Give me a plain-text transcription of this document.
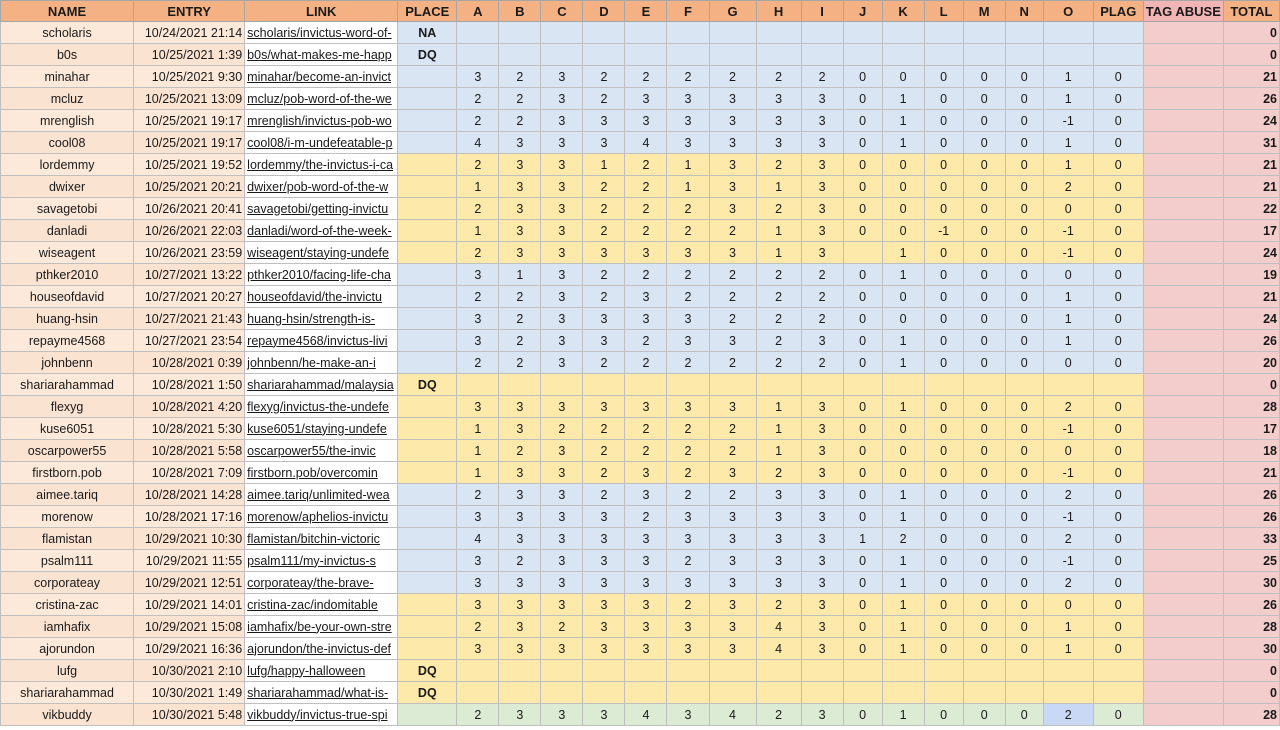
NAME	ENTRY	LINK	PLACE	A	B	C	D	E	F	G	H	I	J	K	L	M	N	O	PLAG	TAG ABUSE	TOTAL
scholaris	10/24/2021 21:14	scholaris/invictus-word-of-	NA																		0
b0s	10/25/2021 1:39	b0s/what-makes-me-happ	DQ																		0
minahar	10/25/2021 9:30	minahar/become-an-invict		3	2	3	2	2	2	2	2	2	0	0	0	0	0	1	0		21
mcluz	10/25/2021 13:09	mcluz/pob-word-of-the-we		2	2	3	2	3	3	3	3	3	0	1	0	0	0	1	0		26
mrenglish	10/25/2021 19:17	mrenglish/invictus-pob-wo		2	2	3	3	3	3	3	3	3	0	1	0	0	0	-1	0		24
cool08	10/25/2021 19:17	cool08/i-m-undefeatable-p		4	3	3	3	4	3	3	3	3	0	1	0	0	0	1	0		31
lordemmy	10/25/2021 19:52	lordemmy/the-invictus-i-ca		2	3	3	1	2	1	3	2	3	0	0	0	0	0	1	0		21
dwixer	10/25/2021 20:21	dwixer/pob-word-of-the-w		1	3	3	2	2	1	3	1	3	0	0	0	0	0	2	0		21
savagetobi	10/26/2021 20:41	savagetobi/getting-invictu		2	3	3	2	2	2	3	2	3	0	0	0	0	0	0	0		22
danladi	10/26/2021 22:03	danladi/word-of-the-week-		1	3	3	2	2	2	2	1	3	0	0	-1	0	0	-1	0		17
wiseagent	10/26/2021 23:59	wiseagent/staying-undefe		2	3	3	3	3	3	3	1	3		1	0	0	0	-1	0		24
pthker2010	10/27/2021 13:22	pthker2010/facing-life-cha		3	1	3	2	2	2	2	2	2	0	1	0	0	0	0	0		19
houseofdavid	10/27/2021 20:27	houseofdavid/the-invictu		2	2	3	2	3	2	2	2	2	0	0	0	0	0	1	0		21
huang-hsin	10/27/2021 21:43	huang-hsin/strength-is-		3	2	3	3	3	3	2	2	2	0	0	0	0	0	1	0		24
repayme4568	10/27/2021 23:54	repayme4568/invictus-livi		3	2	3	3	2	3	3	2	3	0	1	0	0	0	1	0		26
johnbenn	10/28/2021 0:39	johnbenn/he-make-an-i		2	2	3	2	2	2	2	2	2	0	1	0	0	0	0	0		20
shariarahammad	10/28/2021 1:50	shariarahammad/malaysia	DQ																		0
flexyg	10/28/2021 4:20	flexyg/invictus-the-undefe		3	3	3	3	3	3	3	1	3	0	1	0	0	0	2	0		28
kuse6051	10/28/2021 5:30	kuse6051/staying-undefe		1	3	2	2	2	2	2	1	3	0	0	0	0	0	-1	0		17
oscarpower55	10/28/2021 5:58	oscarpower55/the-invic		1	2	3	2	2	2	2	1	3	0	0	0	0	0	0	0		18
firstborn.pob	10/28/2021 7:09	firstborn.pob/overcomin		1	3	3	2	3	2	3	2	3	0	0	0	0	0	-1	0		21
aimee.tariq	10/28/2021 14:28	aimee.tariq/unlimited-wea		2	3	3	2	3	2	2	3	3	0	1	0	0	0	2	0		26
morenow	10/28/2021 17:16	morenow/aphelios-invictu		3	3	3	3	2	3	3	3	3	0	1	0	0	0	-1	0		26
flamistan	10/29/2021 10:30	flamistan/bitchin-victoric		4	3	3	3	3	3	3	3	3	1	2	0	0	0	2	0		33
psalm111	10/29/2021 11:55	psalm111/my-invictus-s		3	2	3	3	3	2	3	3	3	0	1	0	0	0	-1	0		25
corporateay	10/29/2021 12:51	corporateay/the-brave-		3	3	3	3	3	3	3	3	3	0	1	0	0	0	2	0		30
cristina-zac	10/29/2021 14:01	cristina-zac/indomitable		3	3	3	3	3	2	3	2	3	0	1	0	0	0	0	0		26
iamhafix	10/29/2021 15:08	iamhafix/be-your-own-stre		2	3	2	3	3	3	3	4	3	0	1	0	0	0	1	0		28
ajorundon	10/29/2021 16:36	ajorundon/the-invictus-def		3	3	3	3	3	3	3	4	3	0	1	0	0	0	1	0		30
lufg	10/30/2021 2:10	lufg/happy-halloween	DQ																		0
shariarahammad	10/30/2021 1:49	shariarahammad/what-is-	DQ																		0
vikbuddy	10/30/2021 5:48	vikbuddy/invictus-true-spi		2	3	3	3	4	3	4	2	3	0	1	0	0	0	2	0		28
